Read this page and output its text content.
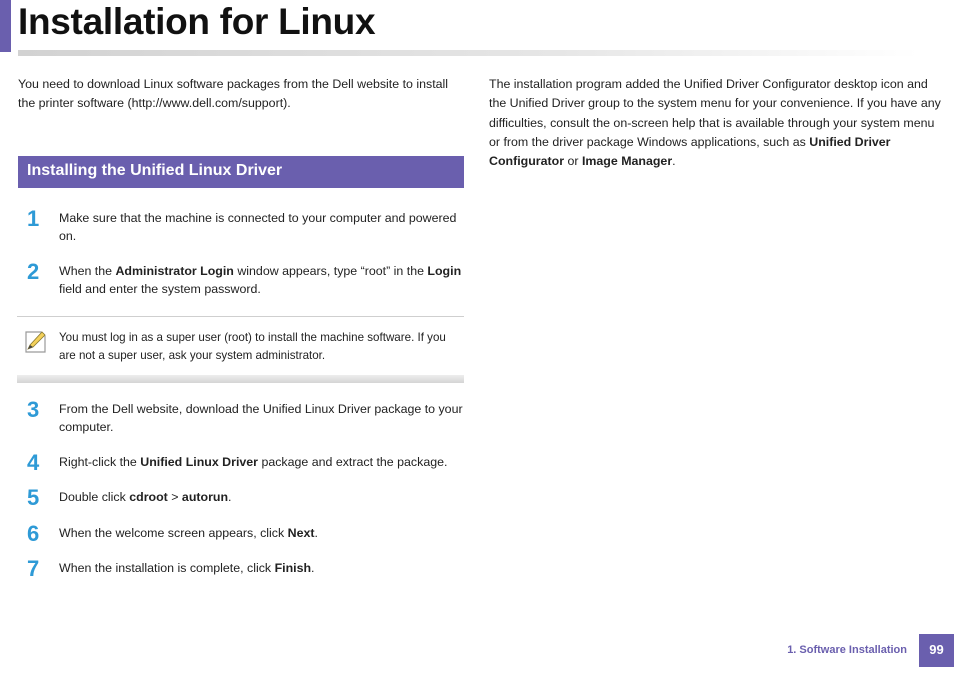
Installation for Linux

You need to download Linux software packages from the Dell website to install the printer software (http://www.dell.com/support).

The installation program added the Unified Driver Configurator desktop icon and the Unified Driver group to the system menu for your convenience. If you have any difficulties, consult the on-screen help that is available through your system menu or from the driver package Windows applications, such as Unified Driver Configurator or Image Manager.

Installing the Unified Linux Driver
1	Make sure that the machine is connected to your computer and powered on.
2	When the Administrator Login window appears, type “root” in the Login field and enter the system password.
You must log in as a super user (root) to install the machine software. If you are not a super user, ask your system administrator.
3	From the Dell website, download the Unified Linux Driver package to your computer.
4	Right-click the Unified Linux Driver package and extract the package.
5	Double click cdroot > autorun.
6	When the welcome screen appears, click Next.
7	When the installation is complete, click Finish.
1. Software Installation	99
